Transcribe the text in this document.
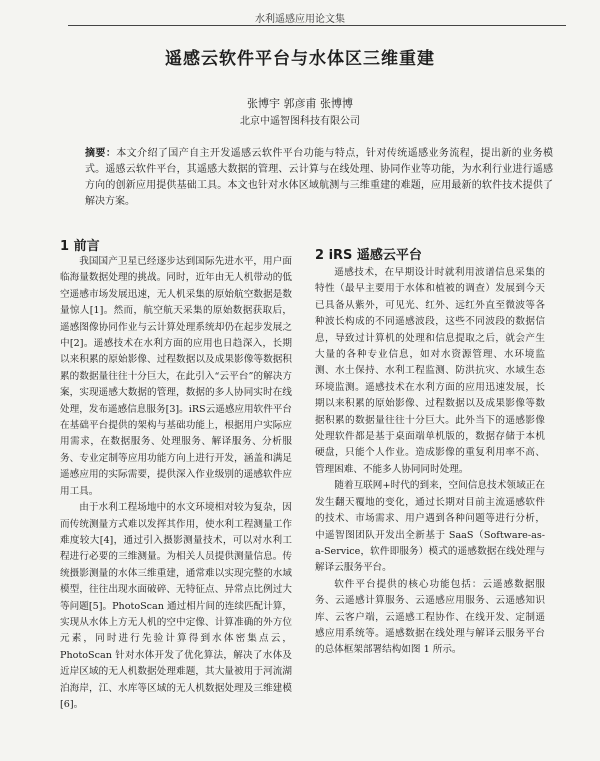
水利遥感应用论文集
遥感云软件平台与水体区三维重建
张博宇 郭彦甫 张博博
北京中遥智图科技有限公司

摘要：本文介绍了国产自主开发遥感云软件平台功能与特点，针对传统遥感业务流程，提出新的业务模式。遥感云软件平台，其遥感大数据的管理、云计算与在线处理、协同作业等功能，为水利行业进行遥感方向的创新应用提供基础工具。本文也针对水体区域航测与三维重建的难题，应用最新的软件技术提供了解决方案。

1 前言
2 iRS 遥感云平台

我国国产卫星已经逐步达到国际先进水平，用户面临海量数据处理的挑战。同时，近年由无人机带动的低空遥感市场发展迅速，无人机采集的原始航空数据是数量惊人[1]。然而，航空航天采集的原始数据获取后，遥感图像协同作业与云计算处理系统却仍在起步发展之中[2]。遥感技术在水利方面的应用也日趋深入，长期以来积累的原始影像、过程数据以及成果影像等数据积累的数据量往往十分巨大，在此引入“云平台”的解决方案，实现遥感大数据的管理，数据的多人协同实时在线处理，发布遥感信息服务[3]。iRS云遥感应用软件平台在基础平台提供的架构与基础功能上，根据用户实际应用需求，在数据服务、处理服务、解译服务、分析服务、专业定制等应用功能方向上进行开发，涵盖和满足遥感应用的实际需要，提供深入作业级别的遥感软件应用工具。

由于水利工程场地中的水文环境相对较为复杂，因而传统测量方式难以发挥其作用，使水利工程测量工作难度较大[4]，通过引入摄影测量技术，可以对水利工程进行必要的三维测量。为相关人员提供测量信息。传统摄影测量的水体三维重建，通常难以实现完整的水域模型，往往出现水面破碎、无特征点、异常点比例过大等问题[5]。PhotoScan 通过相片间的连续匹配计算，实现从水体上方无人机的空中定像、计算准确的外方位元素，同时进行先验计算得到水体密集点云，PhotoScan 针对水体开发了优化算法，解决了水体及近岸区域的无人机数据处理难题，其大量被用于河流湖泊海岸，江、水库等区域的无人机数据处理及三维建模[6]。

遥感技术，在早期设计时就利用波谱信息采集的特性（最早主要用于水体和植被的调查）发展到今天已具备从紫外，可见光、红外、远红外直至微波等各种波长构成的不同遥感波段，这些不同波段的数据信息，导致过计算机的处理和信息提取之后，就会产生大量的各种专业信息，如对水资源管理、水环境监测、水土保持、水利工程监测、防洪抗灾、水域生态环境监测。遥感技术在水利方面的应用迅速发展，长期以来积累的原始影像、过程数据以及成果影像等数据积累的数据量往往十分巨大。此外当下的遥感影像处理软件都是基于桌面端单机版的，数据存储于本机硬盘，只能个人作业。造成影像的重复利用率不高、管理困难、不能多人协同同时处理。

随着互联网+时代的到来，空间信息技术领域正在发生翻天覆地的变化，通过长期对目前主流遥感软件的技术、市场需求、用户遇到各种问题等进行分析，中遥智图团队开发出全新基于 SaaS（Software-as-a-Service，软件即服务）模式的遥感数据在线处理与解译云服务平台。

软件平台提供的核心功能包括：云遥感数据服务、云遥感计算服务、云遥感应用服务、云遥感知识库、云客户端，云遥感工程协作、在线开发、定制遥感应用系统等。遥感数据在线处理与解译云服务平台的总体框架部署结构如图 1 所示。
